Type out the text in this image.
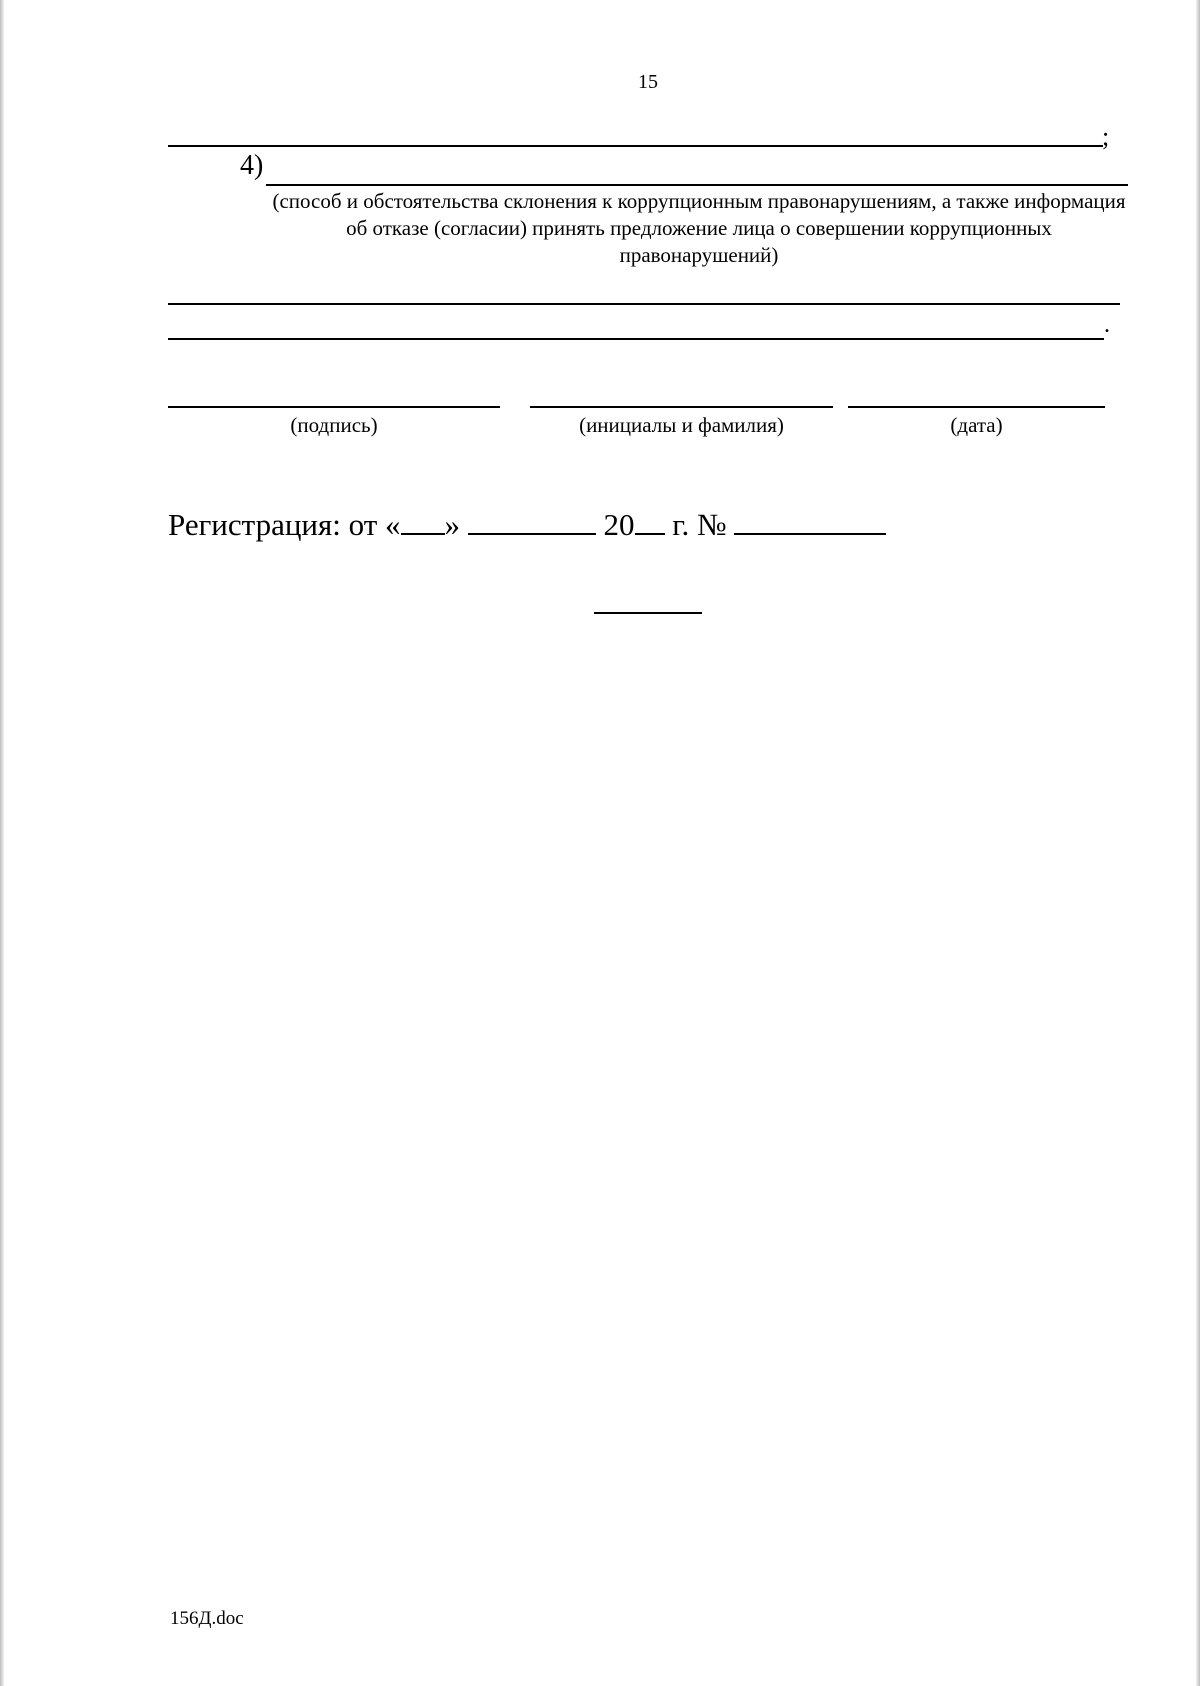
15
;
4)
(способ и обстоятельства склонения к коррупционным правонарушениям, а также информация об отказе (согласии) принять предложение лица о совершении коррупционных правонарушений)
.
(подпись)	(инициалы и фамилия)	(дата)
Регистрация: от « »	20 г. №
156Д.doc
